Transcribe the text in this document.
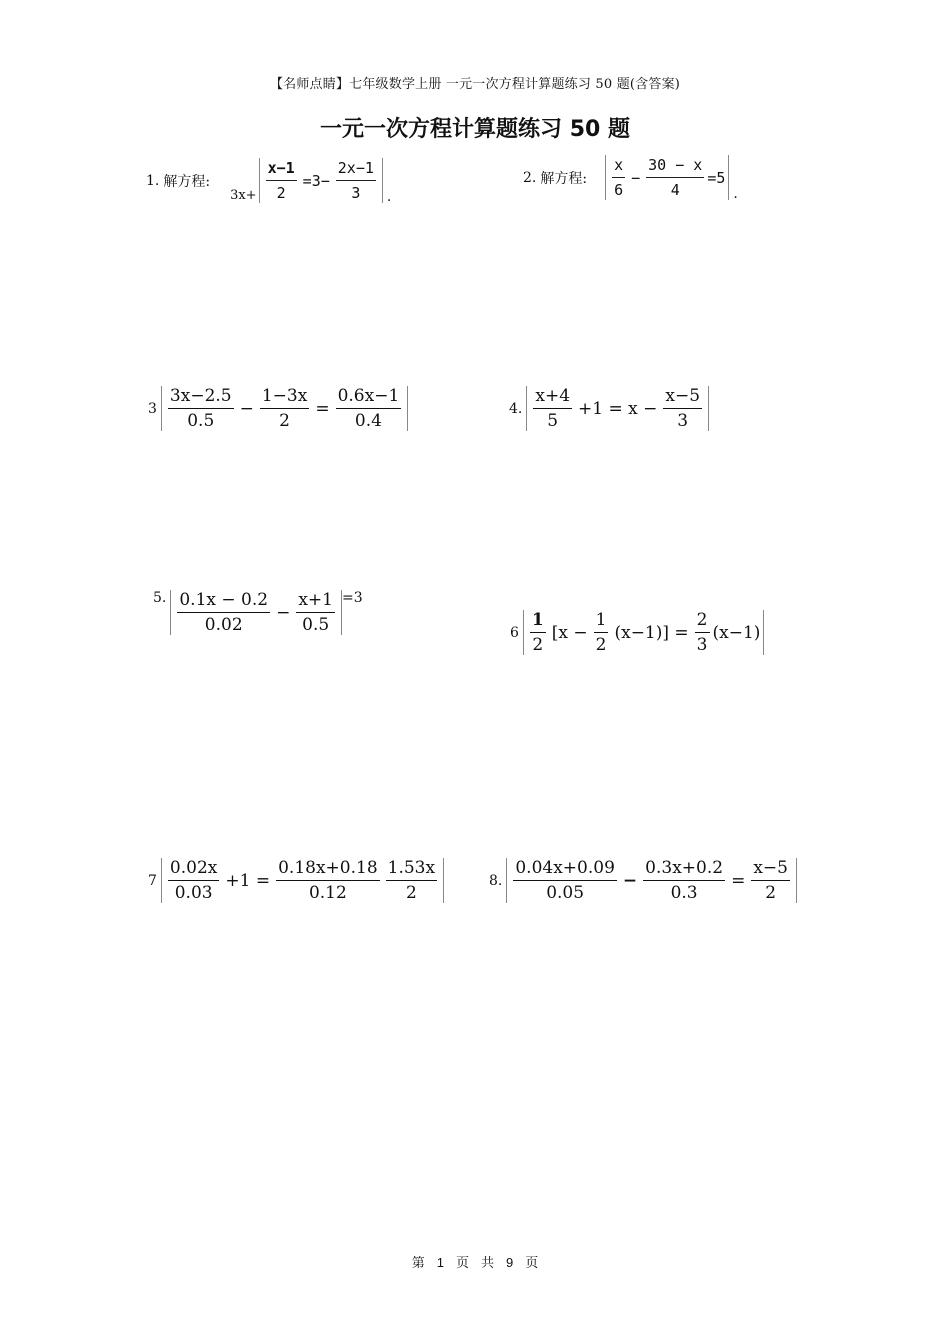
【名师点睛】七年级数学上册 一元一次方程计算题练习 50 题(含答案)
一元一次方程计算题练习 50 题
1. 解方程:
$3x+ \frac{x-1}{2} =3- \frac{2x-1}{3}$ .
2. 解方程: $\frac{x}{6} - \frac{30 - x}{4} =5$
.
$3 \frac{3x-2.5}{0.5} - \frac{1-3x}{2} = \frac{0.6x-1}{0.4}$	4. $\frac{x+4}{5} +1 = x - \frac{x-5}{3}$
5. $\frac{0.1x - 0.2}{0.02} - \frac{x+1}{0.5} =3$
$6 \frac{1}{2} [x - \frac{1}{2} (x-1)] = \frac{2}{3} (x-1)$
$7 \frac{0.02x}{0.03} +1 = \frac{0.18x+0.18}{0.12} \frac{1.53x}{2}$	8. $\frac{0.04x+0.09}{0.05} - \frac{0.3x+0.2}{0.3} = \frac{x-5}{2}$
第 1 页 共 9 页
